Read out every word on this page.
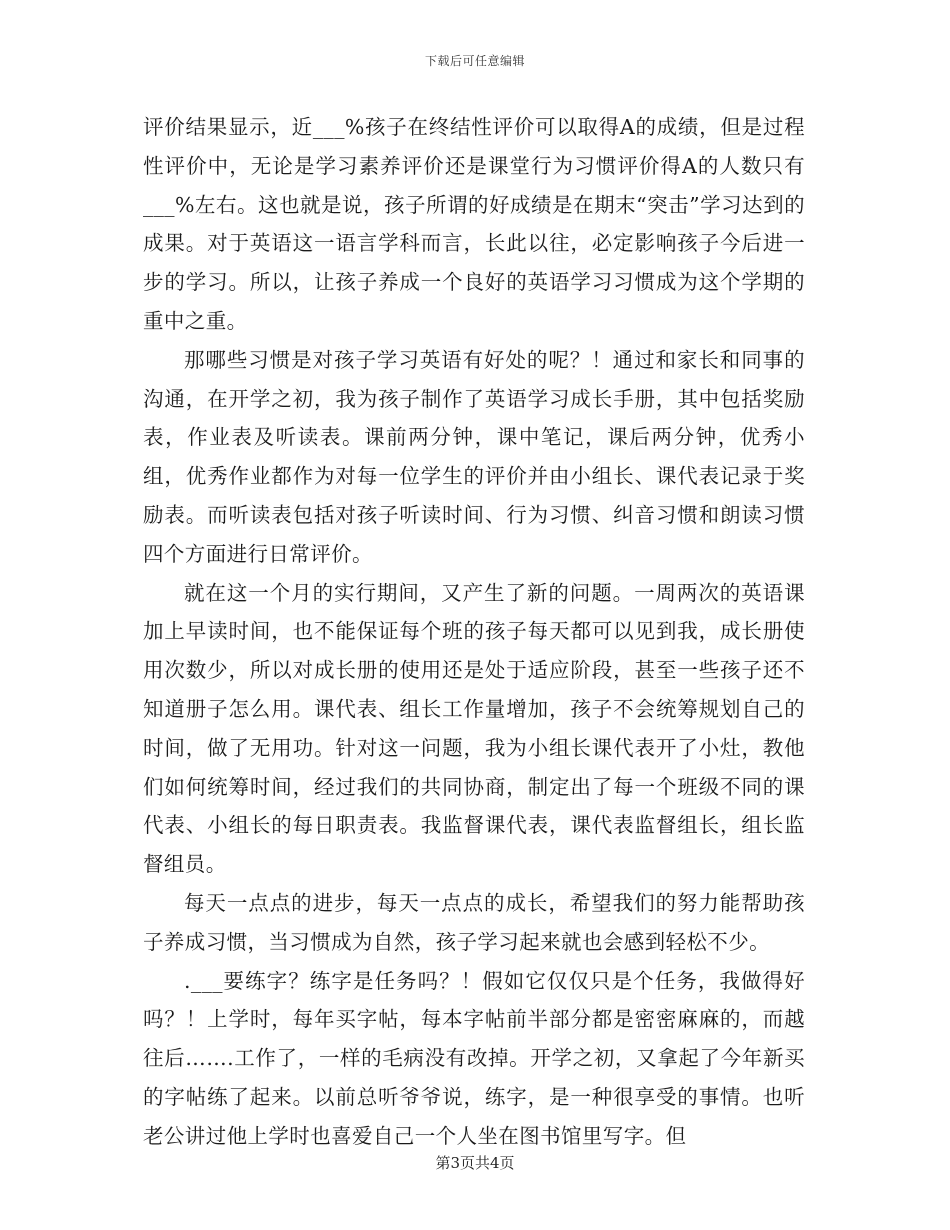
下载后可任意编辑

评价结果显示，近___%孩子在终结性评价可以取得A的成绩，但是过程性评价中，无论是学习素养评价还是课堂行为习惯评价得A的人数只有___%左右。这也就是说，孩子所谓的好成绩是在期末“突击”学习达到的成果。对于英语这一语言学科而言，长此以往，必定影响孩子今后进一步的学习。所以，让孩子养成一个良好的英语学习习惯成为这个学期的重中之重。

那哪些习惯是对孩子学习英语有好处的呢？！通过和家长和同事的沟通，在开学之初，我为孩子制作了英语学习成长手册，其中包括奖励表，作业表及听读表。课前两分钟，课中笔记，课后两分钟，优秀小组，优秀作业都作为对每一位学生的评价并由小组长、课代表记录于奖励表。而听读表包括对孩子听读时间、行为习惯、纠音习惯和朗读习惯四个方面进行日常评价。

就在这一个月的实行期间，又产生了新的问题。一周两次的英语课加上早读时间，也不能保证每个班的孩子每天都可以见到我，成长册使用次数少，所以对成长册的使用还是处于适应阶段，甚至一些孩子还不知道册子怎么用。课代表、组长工作量增加，孩子不会统筹规划自己的时间，做了无用功。针对这一问题，我为小组长课代表开了小灶，教他们如何统筹时间，经过我们的共同协商，制定出了每一个班级不同的课代表、小组长的每日职责表。我监督课代表，课代表监督组长，组长监督组员。

每天一点点的进步，每天一点点的成长，希望我们的努力能帮助孩子养成习惯，当习惯成为自然，孩子学习起来就也会感到轻松不少。

.___要练字？练字是任务吗？！假如它仅仅只是个任务，我做得好吗？！上学时，每年买字帖，每本字帖前半部分都是密密麻麻的，而越往后…….工作了，一样的毛病没有改掉。开学之初，又拿起了今年新买的字帖练了起来。以前总听爷爷说，练字，是一种很享受的事情。也听老公讲过他上学时也喜爱自己一个人坐在图书馆里写字。但

第3页共4页
